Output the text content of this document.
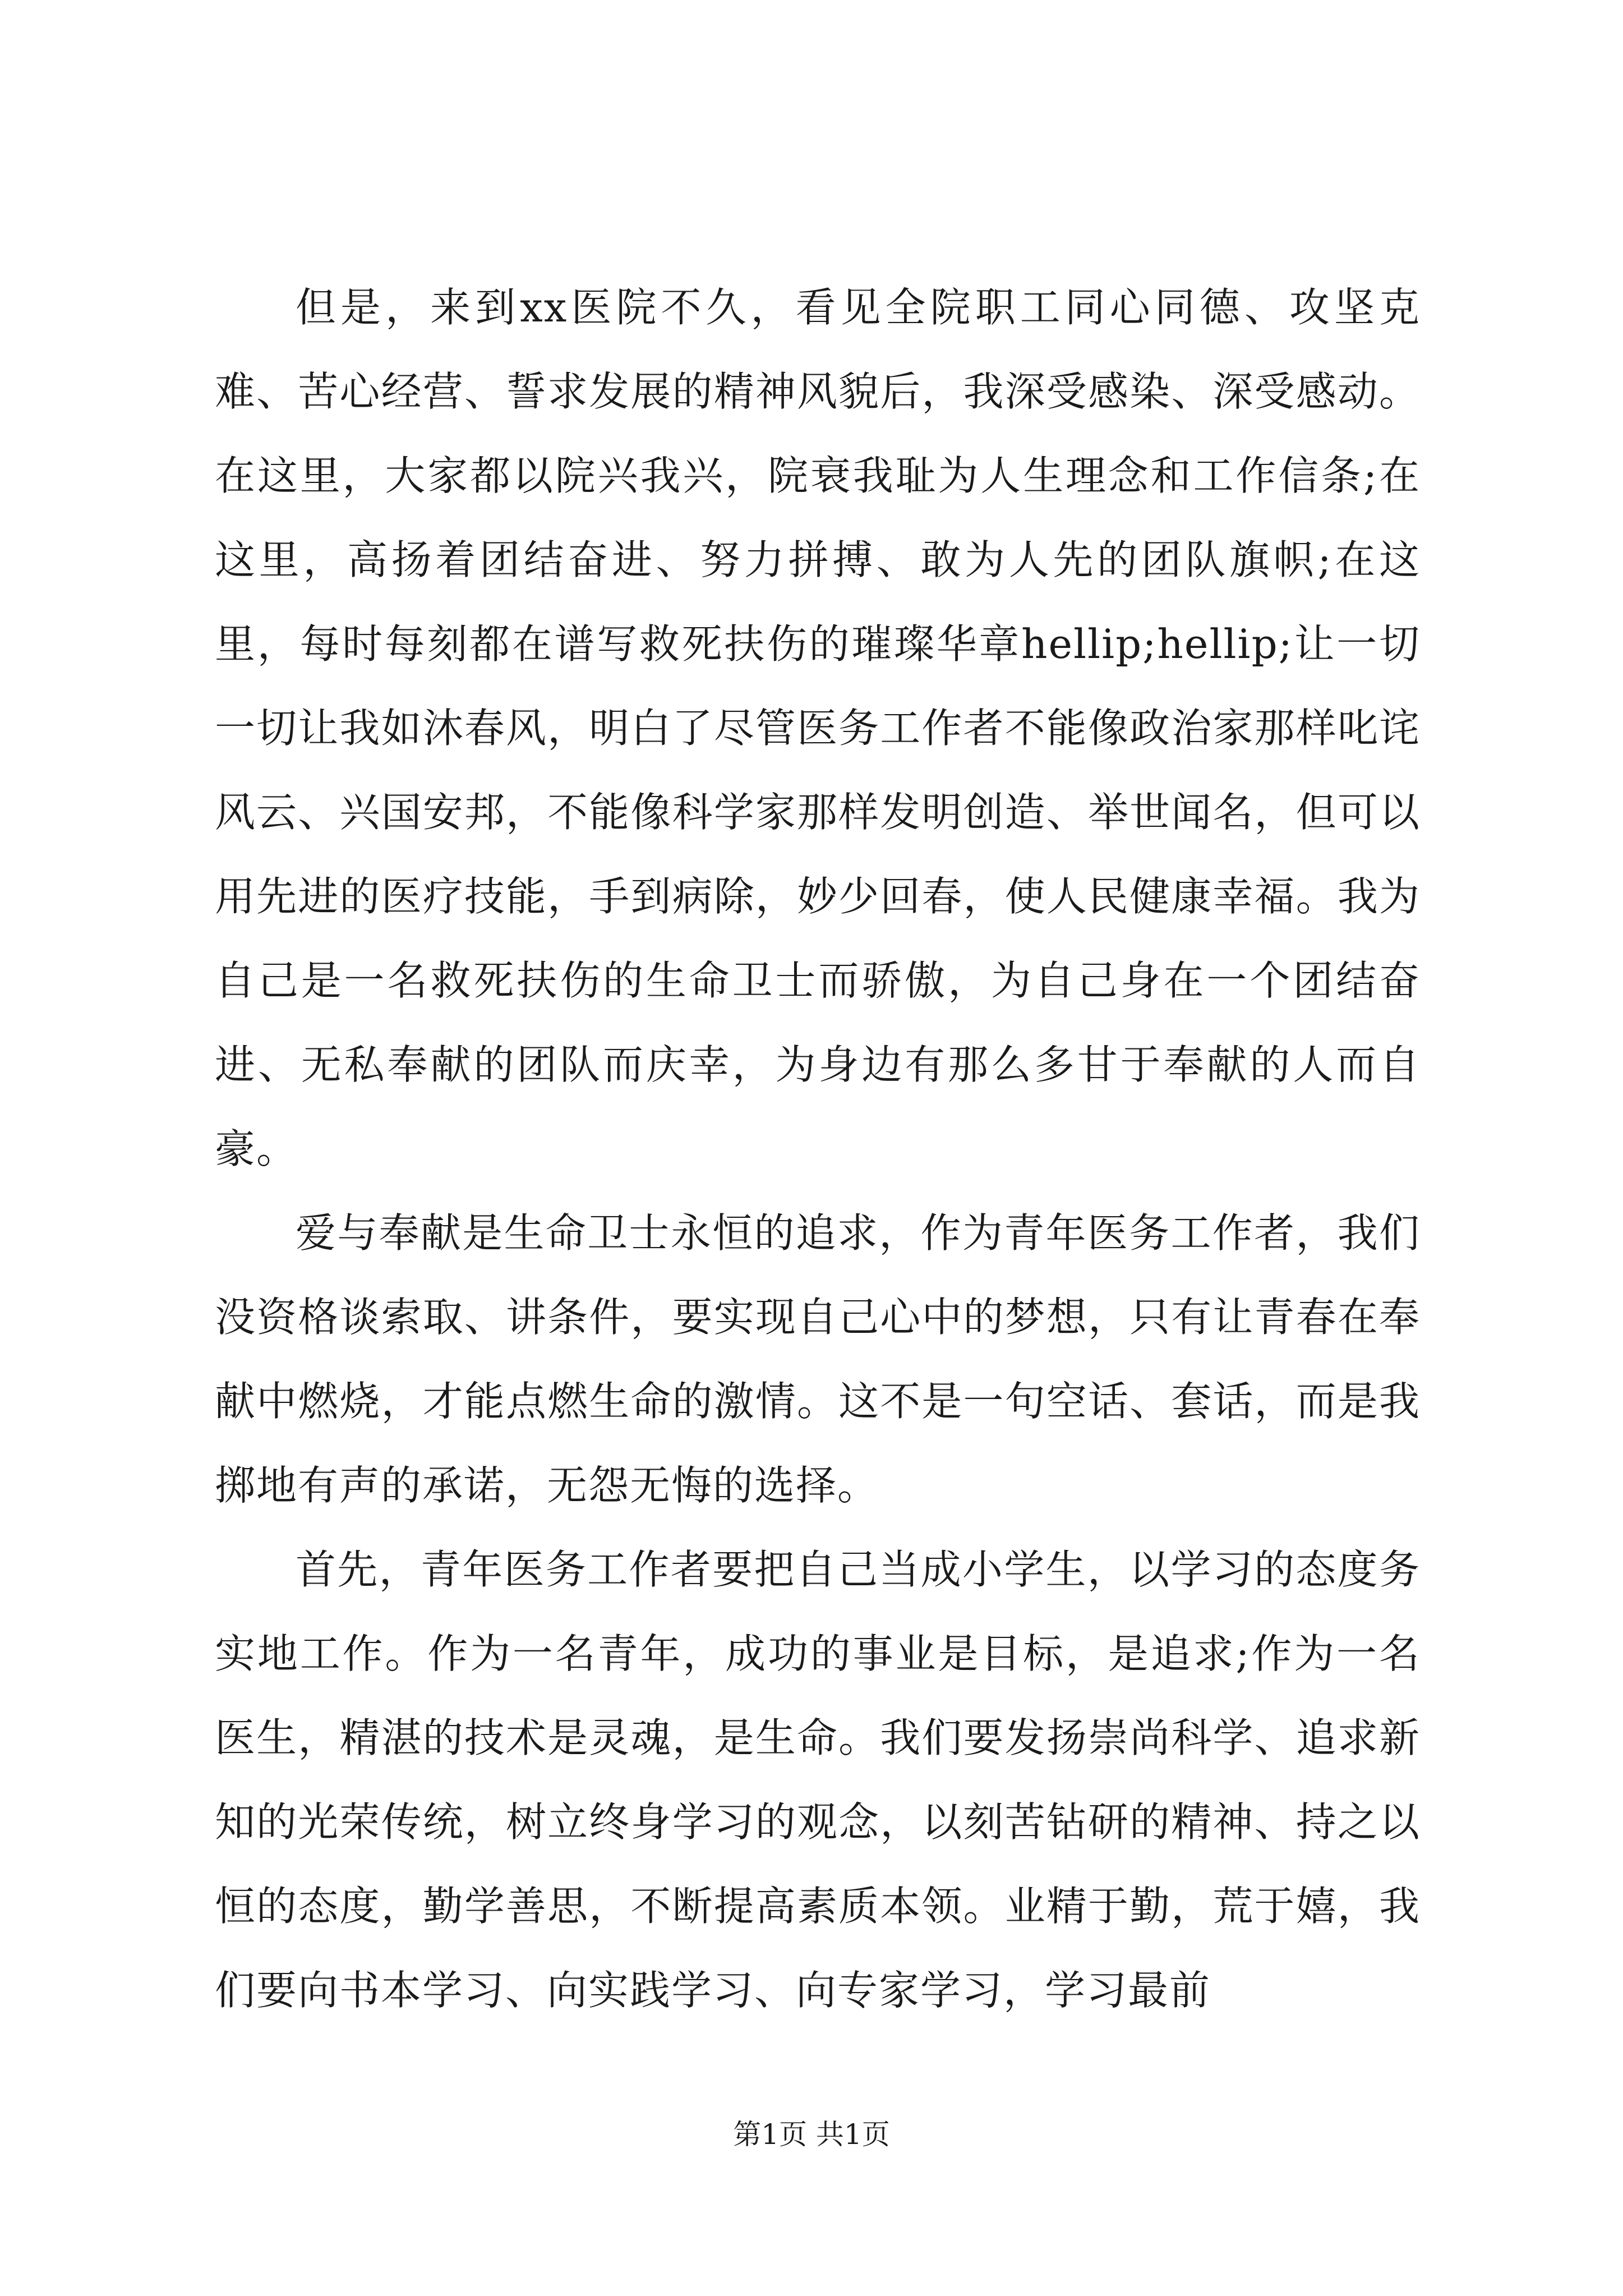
但是，来到xx医院不久，看见全院职工同心同德、攻坚克难、苦心经营、誓求发展的精神风貌后，我深受感染、深受感动。在这里，大家都以院兴我兴，院衰我耻为人生理念和工作信条;在这里，高扬着团结奋进、努力拼搏、敢为人先的团队旗帜;在这里，每时每刻都在谱写救死扶伤的璀璨华章hellip;hellip;让一切一切让我如沐春风，明白了尽管医务工作者不能像政治家那样叱诧风云、兴国安邦，不能像科学家那样发明创造、举世闻名，但可以用先进的医疗技能，手到病除，妙少回春，使人民健康幸福。我为自己是一名救死扶伤的生命卫士而骄傲，为自己身在一个团结奋进、无私奉献的团队而庆幸，为身边有那么多甘于奉献的人而自豪。

爱与奉献是生命卫士永恒的追求，作为青年医务工作者，我们没资格谈索取、讲条件，要实现自己心中的梦想，只有让青春在奉献中燃烧，才能点燃生命的激情。这不是一句空话、套话，而是我掷地有声的承诺，无怨无悔的选择。

首先，青年医务工作者要把自己当成小学生，以学习的态度务实地工作。作为一名青年，成功的事业是目标，是追求;作为一名医生，精湛的技术是灵魂，是生命。我们要发扬崇尚科学、追求新知的光荣传统，树立终身学习的观念，以刻苦钻研的精神、持之以恒的态度，勤学善思，不断提高素质本领。业精于勤，荒于嬉，我们要向书本学习、向实践学习、向专家学习，学习最前

第1页 共1页
